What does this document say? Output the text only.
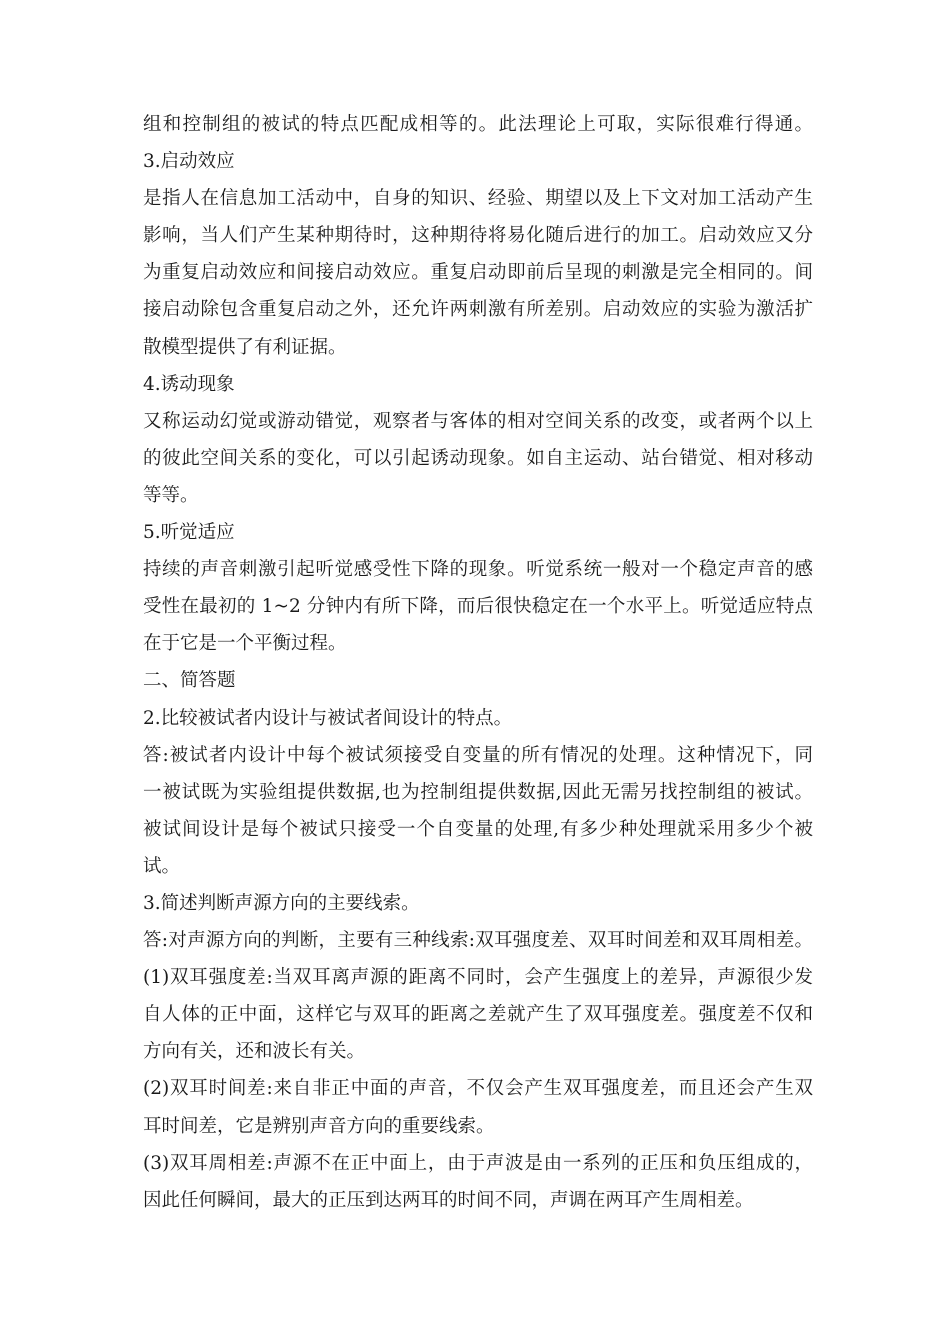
组和控制组的被试的特点匹配成相等的。此法理论上可取，实际很难行得通。
3.启动效应
是指人在信息加工活动中，自身的知识、经验、期望以及上下文对加工活动产生
影响，当人们产生某种期待时，这种期待将易化随后进行的加工。启动效应又分
为重复启动效应和间接启动效应。重复启动即前后呈现的刺激是完全相同的。间
接启动除包含重复启动之外，还允许两刺激有所差别。启动效应的实验为激活扩
散模型提供了有利证据。
4.诱动现象
又称运动幻觉或游动错觉，观察者与客体的相对空间关系的改变，或者两个以上
的彼此空间关系的变化，可以引起诱动现象。如自主运动、站台错觉、相对移动
等等。
5.听觉适应
持续的声音刺激引起听觉感受性下降的现象。听觉系统一般对一个稳定声音的感
受性在最初的 1~2 分钟内有所下降，而后很快稳定在一个水平上。听觉适应特点
在于它是一个平衡过程。
二、简答题
2.比较被试者内设计与被试者间设计的特点。
答:被试者内设计中每个被试须接受自变量的所有情况的处理。这种情况下，同
一被试既为实验组提供数据,也为控制组提供数据,因此无需另找控制组的被试。
被试间设计是每个被试只接受一个自变量的处理,有多少种处理就采用多少个被
试。
3.简述判断声源方向的主要线索。
答:对声源方向的判断，主要有三种线索:双耳强度差、双耳时间差和双耳周相差。
(1)双耳强度差:当双耳离声源的距离不同时，会产生强度上的差异，声源很少发
自人体的正中面，这样它与双耳的距离之差就产生了双耳强度差。强度差不仅和
方向有关，还和波长有关。
(2)双耳时间差:来自非正中面的声音，不仅会产生双耳强度差，而且还会产生双
耳时间差，它是辨别声音方向的重要线索。
(3)双耳周相差:声源不在正中面上，由于声波是由一系列的正压和负压组成的，
因此任何瞬间，最大的正压到达两耳的时间不同，声调在两耳产生周相差。
